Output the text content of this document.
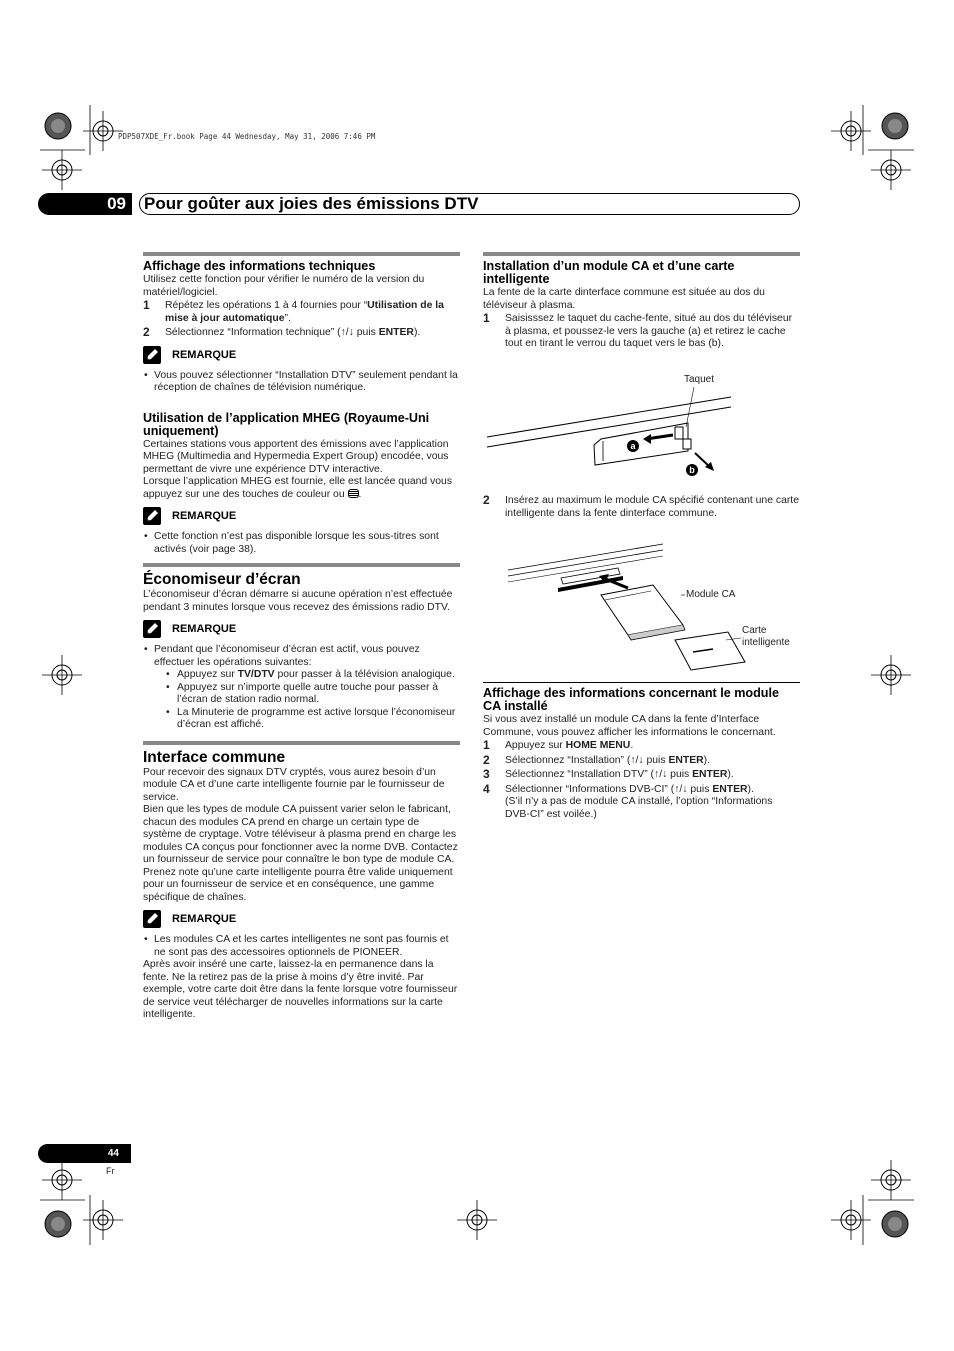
PDP507XDE_Fr.book Page 44 Wednesday, May 31, 2006 7:46 PM
09	Pour goûter aux joies des émissions DTV
Affichage des informations techniques

Utilisez cette fonction pour vérifier le numéro de la version du matériel/logiciel.

1 Répétez les opérations 1 à 4 fournies pour “Utilisation de la mise à jour automatique”.
2 Sélectionnez “Information technique” (↑/↓ puis ENTER).
REMARQUE
• Vous pouvez sélectionner “Installation DTV” seulement pendant la réception de chaînes de télévision numérique.
Utilisation de l’application MHEG (Royaume-Uni uniquement)

Certaines stations vous apportent des émissions avec l’application MHEG (Multimedia and Hypermedia Expert Group) encodée, vous permettant de vivre une expérience DTV interactive.

Lorsque l’application MHEG est fournie, elle est lancée quand vous appuyez sur une des touches de couleur ou .

REMARQUE
• Cette fonction n’est pas disponible lorsque les sous-titres sont activés (voir page 38).
Économiseur d’écran

L’économiseur d’écran démarre si aucune opération n’est effectuée pendant 3 minutes lorsque vous recevez des émissions radio DTV.

REMARQUE
• Pendant que l’économiseur d’écran est actif, vous pouvez effectuer les opérations suivantes:
• Appuyez sur TV/DTV pour passer à la télévision analogique.
• Appuyez sur n’importe quelle autre touche pour passer à l’écran de station radio normal.
• La Minuterie de programme est active lorsque l’économiseur d’écran est affiché.
Interface commune

Pour recevoir des signaux DTV cryptés, vous aurez besoin d’un module CA et d’une carte intelligente fournie par le fournisseur de service.

Bien que les types de module CA puissent varier selon le fabricant, chacun des modules CA prend en charge un certain type de système de cryptage. Votre téléviseur à plasma prend en charge les modules CA conçus pour fonctionner avec la norme DVB. Contactez un fournisseur de service pour connaître le bon type de module CA.

Prenez note qu’une carte intelligente pourra être valide uniquement pour un fournisseur de service et en conséquence, une gamme spécifique de chaînes.

REMARQUE
• Les modules CA et les cartes intelligentes ne sont pas fournis et ne sont pas des accessoires optionnels de PIONEER.

Après avoir inséré une carte, laissez-la en permanence dans la fente. Ne la retirez pas de la prise à moins d’y être invité. Par exemple, votre carte doit être dans la fente lorsque votre fournisseur de service veut télécharger de nouvelles informations sur la carte intelligente.

Installation d’un module CA et d’une carte intelligente

La fente de la carte dinterface commune est située au dos du téléviseur à plasma.

1 Saisisssez le taquet du cache-fente, situé au dos du téléviseur à plasma, et poussez-le vers la gauche (a) et retirez le cache tout en tirant le verrou du taquet vers le bas (b).
Taquet
a
b
2 Insérez au maximum le module CA spécifié contenant une carte intelligente dans la fente dinterface commune.
Module CA
Carte intelligente
Affichage des informations concernant le module CA installé

Si vous avez installé un module CA dans la fente d’Interface Commune, vous pouvez afficher les informations le concernant.

1 Appuyez sur HOME MENU.
2 Sélectionnez “Installation” (↑/↓ puis ENTER).
3 Sélectionnez “Installation DTV” (↑/↓ puis ENTER).
4 Sélectionner “Informations DVB-CI” (↑/↓ puis ENTER).
(S’il n’y a pas de module CA installé, l’option “Informations DVB-CI” est voilée.)
44
Fr
